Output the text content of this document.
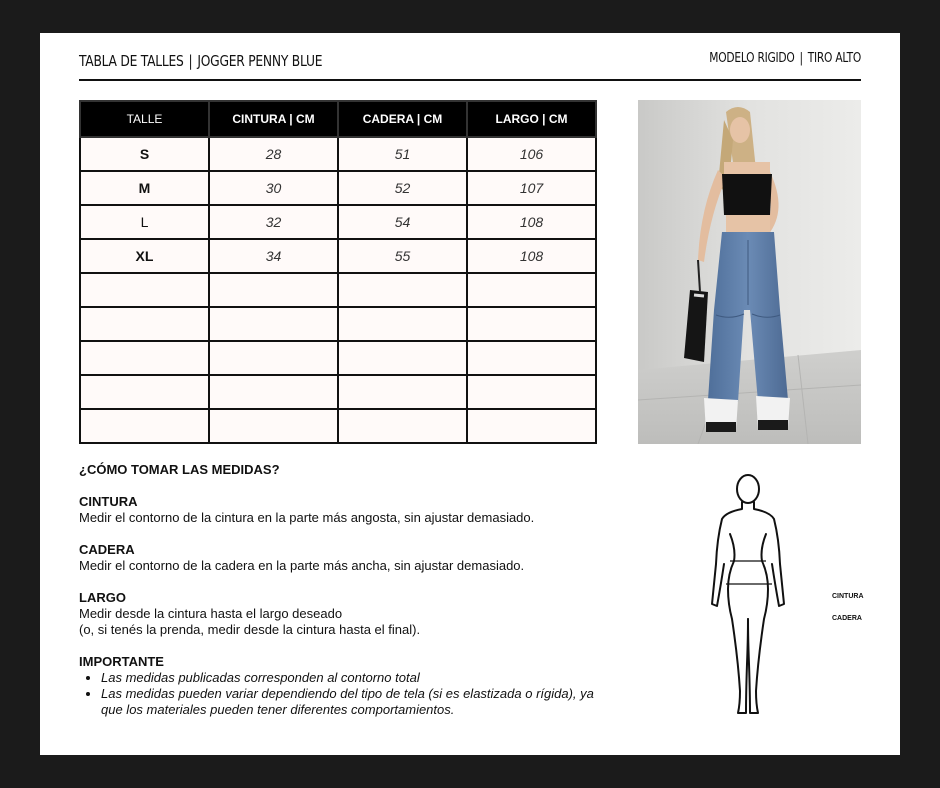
TABLA DE TALLES | JOGGER PENNY BLUE	MODELO RIGIDO | TIRO ALTO
TALLE	CINTURA | CM	CADERA | CM	LARGO | CM
S	28	51	106
M	30	52	107
L	32	54	108
XL	34	55	108

¿CÓMO TOMAR LAS MEDIDAS?
CINTURA
Medir el contorno de la cintura en la parte más angosta, sin ajustar demasiado.
CADERA
Medir el contorno de la cadera en la parte más ancha, sin ajustar demasiado.
LARGO
Medir desde la cintura hasta el largo deseado
(o, si tenés la prenda, medir desde la cintura hasta el final).
IMPORTANTE
• Las medidas publicadas corresponden al contorno total
• Las medidas pueden variar dependiendo del tipo de tela (si es elastizada o rígida), ya que los materiales pueden tener diferentes comportamientos.
CINTURA
CADERA
